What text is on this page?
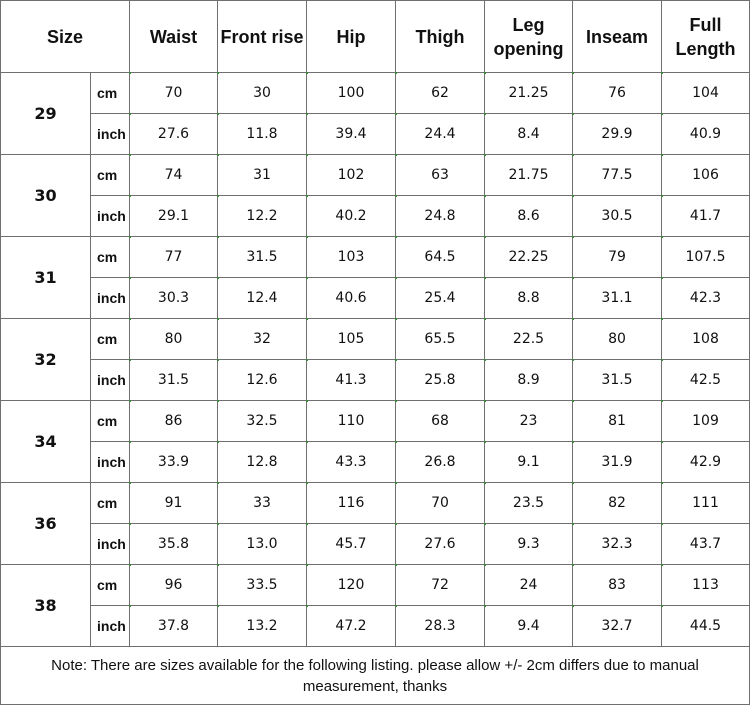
Size		Waist	Front rise	Hip	Thigh	Leg opening	Inseam	Full Length
29	cm	70	30	100	62	21.25	76	104
	inch	27.6	11.8	39.4	24.4	8.4	29.9	40.9
30	cm	74	31	102	63	21.75	77.5	106
	inch	29.1	12.2	40.2	24.8	8.6	30.5	41.7
31	cm	77	31.5	103	64.5	22.25	79	107.5
	inch	30.3	12.4	40.6	25.4	8.8	31.1	42.3
32	cm	80	32	105	65.5	22.5	80	108
	inch	31.5	12.6	41.3	25.8	8.9	31.5	42.5
34	cm	86	32.5	110	68	23	81	109
	inch	33.9	12.8	43.3	26.8	9.1	31.9	42.9
36	cm	91	33	116	70	23.5	82	111
	inch	35.8	13.0	45.7	27.6	9.3	32.3	43.7
38	cm	96	33.5	120	72	24	83	113
	inch	37.8	13.2	47.2	28.3	9.4	32.7	44.5
Note: There are sizes available for the following listing. please allow +/- 2cm differs due to manual measurement, thanks								
